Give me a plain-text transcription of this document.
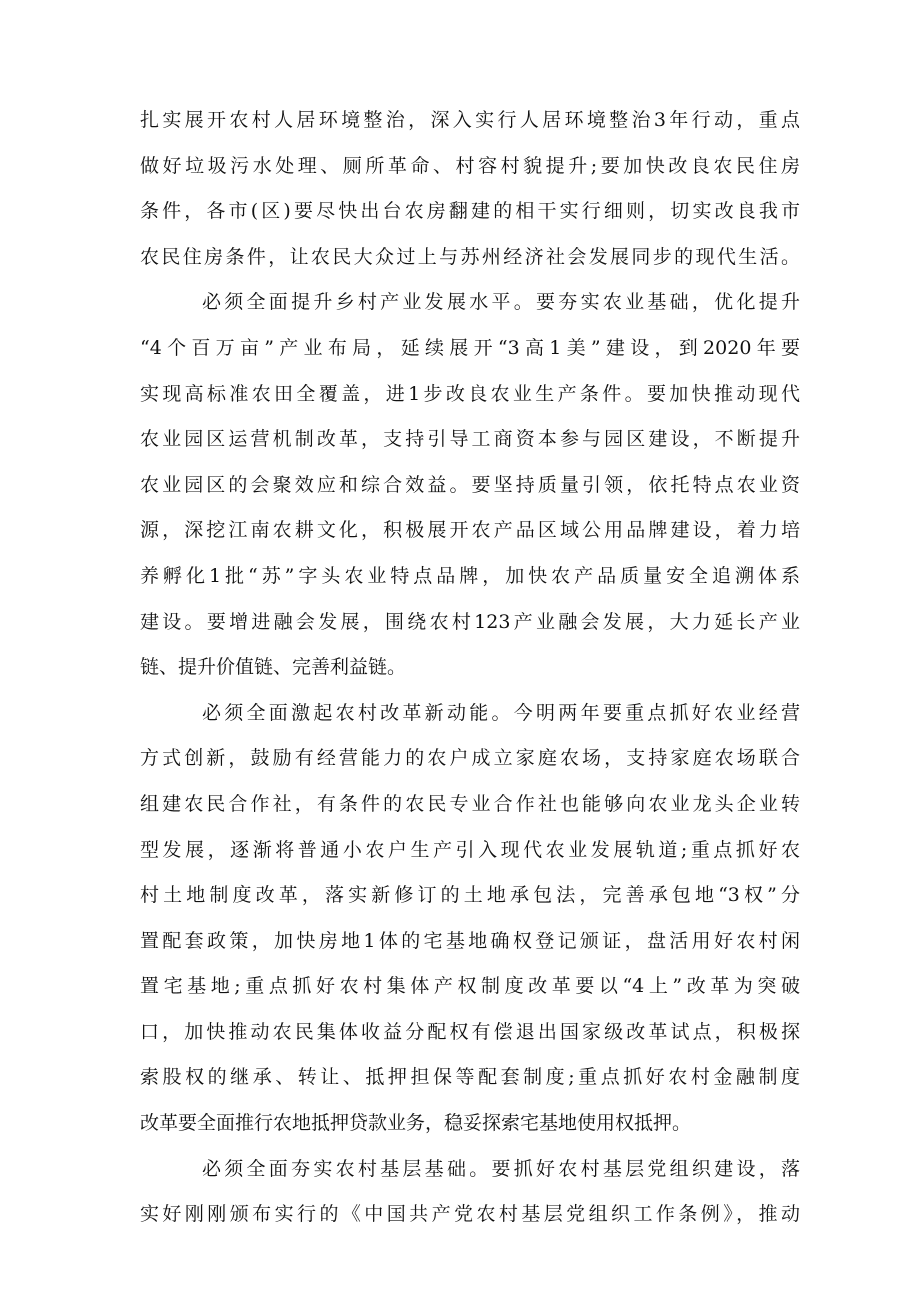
扎实展开农村人居环境整治，深入实行人居环境整治3年行动，重点
做好垃圾污水处理、厕所革命、村容村貌提升;要加快改良农民住房
条件，各市(区)要尽快出台农房翻建的相干实行细则，切实改良我市
农民住房条件，让农民大众过上与苏州经济社会发展同步的现代生活。
必须全面提升乡村产业发展水平。要夯实农业基础，优化提升
“4个百万亩”产业布局，延续展开“3高1美”建设，到2020年要
实现高标准农田全覆盖，进1步改良农业生产条件。要加快推动现代
农业园区运营机制改革，支持引导工商资本参与园区建设，不断提升
农业园区的会聚效应和综合效益。要坚持质量引领，依托特点农业资
源，深挖江南农耕文化，积极展开农产品区域公用品牌建设，着力培
养孵化1批“苏”字头农业特点品牌，加快农产品质量安全追溯体系
建设。要增进融会发展，围绕农村123产业融会发展，大力延长产业
链、提升价值链、完善利益链。
必须全面激起农村改革新动能。今明两年要重点抓好农业经营
方式创新，鼓励有经营能力的农户成立家庭农场，支持家庭农场联合
组建农民合作社，有条件的农民专业合作社也能够向农业龙头企业转
型发展，逐渐将普通小农户生产引入现代农业发展轨道;重点抓好农
村土地制度改革，落实新修订的土地承包法，完善承包地“3权”分
置配套政策，加快房地1体的宅基地确权登记颁证，盘活用好农村闲
置宅基地;重点抓好农村集体产权制度改革要以“4上”改革为突破
口，加快推动农民集体收益分配权有偿退出国家级改革试点，积极探
索股权的继承、转让、抵押担保等配套制度;重点抓好农村金融制度
改革要全面推行农地抵押贷款业务，稳妥探索宅基地使用权抵押。
必须全面夯实农村基层基础。要抓好农村基层党组织建设，落
实好刚刚颁布实行的《中国共产党农村基层党组织工作条例》，推动
